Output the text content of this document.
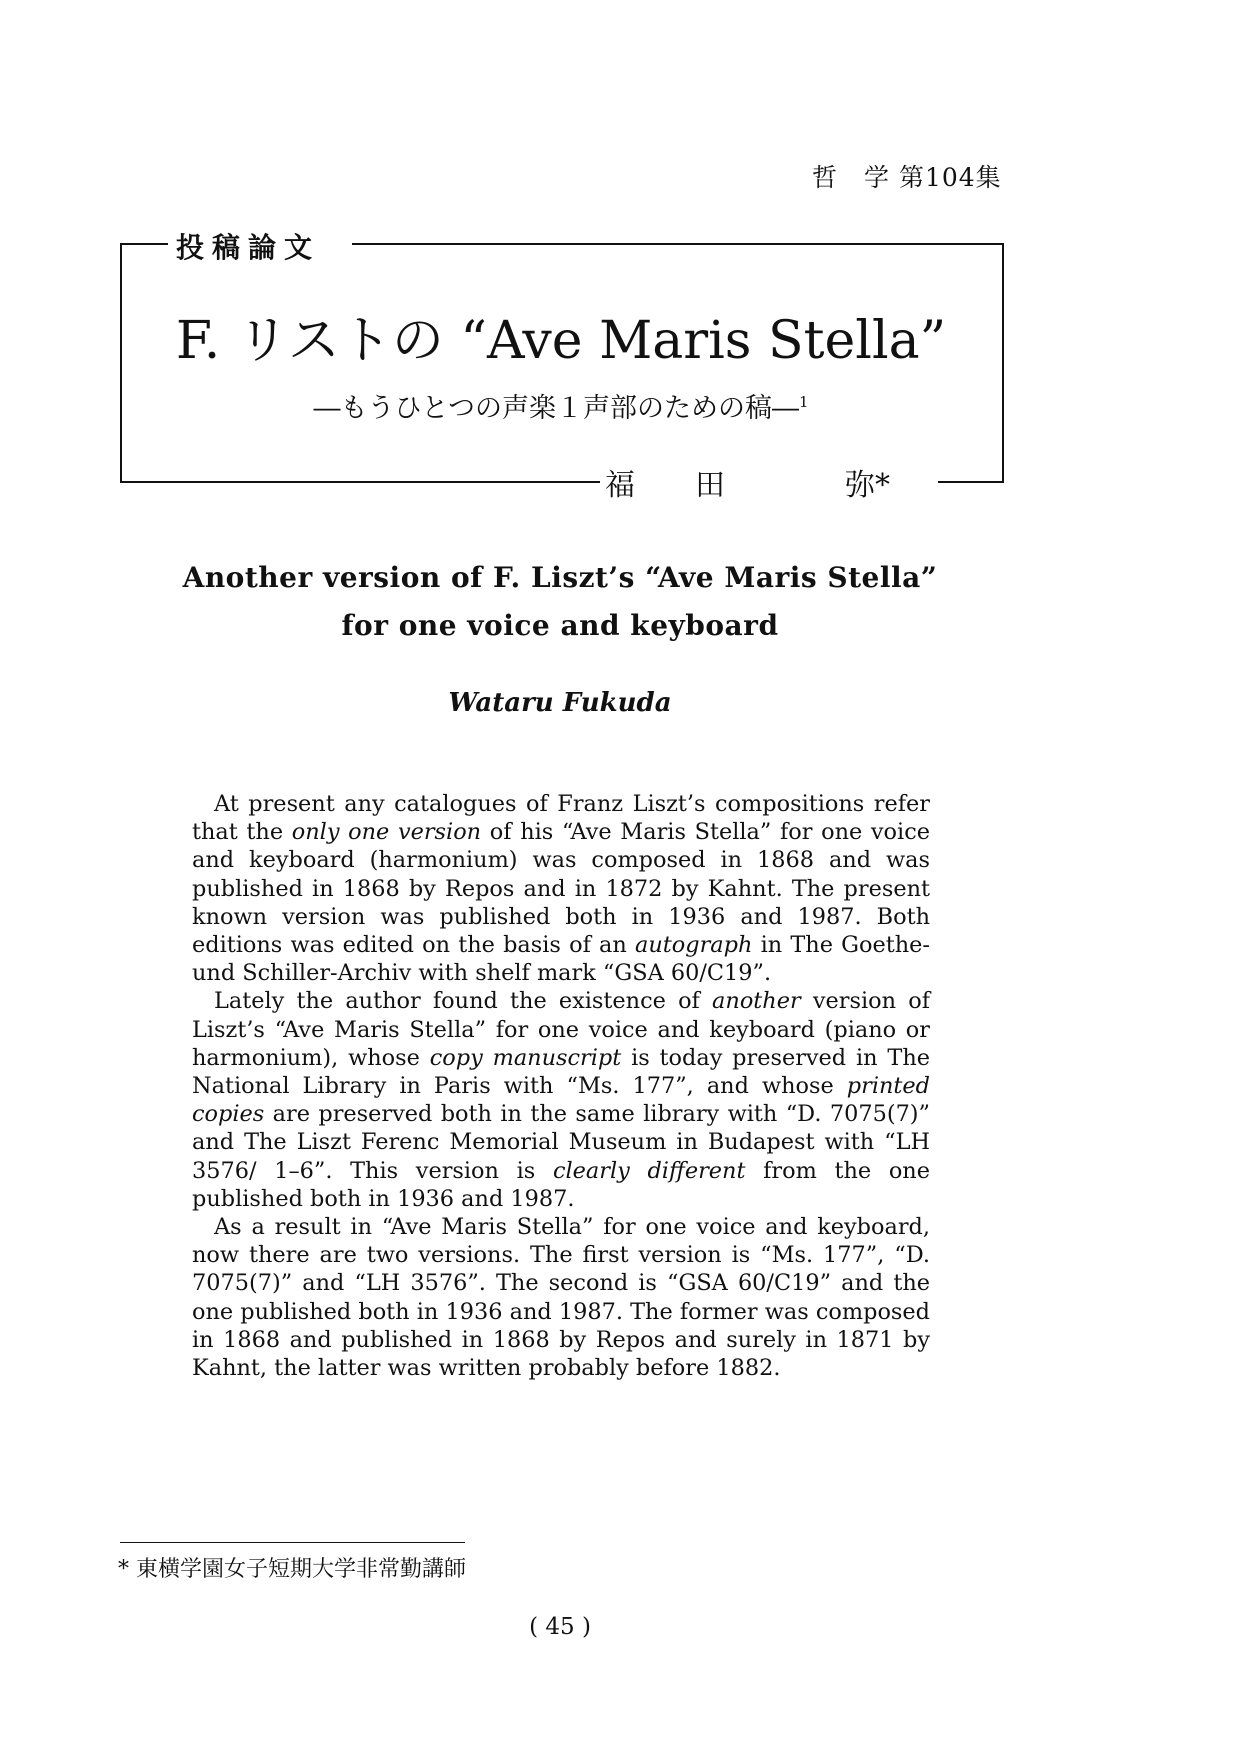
哲　学 第104集
投稿論文
F. リストの “Ave Maris Stella”
―もうひとつの声楽１声部のための稿―$^1$
福　　田　　　　弥*
Another version of F. Liszt’s “Ave Maris Stella”
for one voice and keyboard
Wataru Fukuda

At present any catalogues of Franz Liszt’s compositions refer that the only one version of his “Ave Maris Stella” for one voice and keyboard (harmonium) was composed in 1868 and was published in 1868 by Repos and in 1872 by Kahnt. The present known version was published both in 1936 and 1987. Both editions was edited on the basis of an autograph in The Goethe-und Schiller-Archiv with shelf mark “GSA 60/C19”.

Lately the author found the existence of another version of Liszt’s “Ave Maris Stella” for one voice and keyboard (piano or harmonium), whose copy manuscript is today preserved in The National Library in Paris with “Ms. 177”, and whose printed copies are preserved both in the same library with “D. 7075(7)” and The Liszt Ferenc Memorial Museum in Budapest with “LH 3576/ 1–6”. This version is clearly different from the one published both in 1936 and 1987.

As a result in “Ave Maris Stella” for one voice and keyboard, now there are two versions. The first version is “Ms. 177”, “D. 7075(7)” and “LH 3576”. The second is “GSA 60/C19” and the one published both in 1936 and 1987. The former was composed in 1868 and published in 1868 by Repos and surely in 1871 by Kahnt, the latter was written probably before 1882.

* 東横学園女子短期大学非常勤講師
( 45 )
